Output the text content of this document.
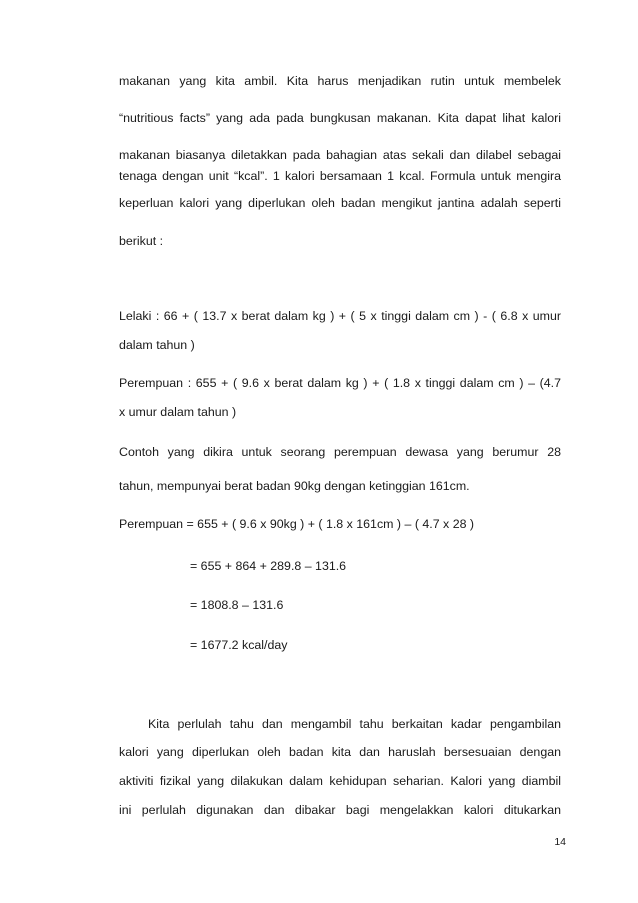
makanan yang kita ambil. Kita harus menjadikan rutin untuk membelek
“nutritious facts” yang ada pada bungkusan makanan. Kita dapat lihat kalori
makanan biasanya diletakkan pada bahagian atas sekali dan dilabel sebagai
tenaga dengan unit “kcal”. 1 kalori bersamaan 1 kcal. Formula untuk mengira
keperluan kalori yang diperlukan oleh badan mengikut jantina adalah seperti
berikut :
Lelaki : 66 + ( 13.7 x berat dalam kg ) + ( 5 x tinggi dalam cm ) - ( 6.8 x umur
dalam tahun )
Perempuan : 655 + ( 9.6 x berat dalam kg ) + ( 1.8 x tinggi dalam cm ) – (4.7
x umur dalam tahun )
Contoh yang dikira untuk seorang perempuan dewasa yang berumur 28
tahun, mempunyai berat badan 90kg dengan ketinggian 161cm.
Perempuan = 655 + ( 9.6 x 90kg ) + ( 1.8 x 161cm ) – ( 4.7 x 28 )
= 655 + 864 + 289.8 – 131.6
= 1808.8 – 131.6
= 1677.2 kcal/day
Kita perlulah tahu dan mengambil tahu berkaitan kadar pengambilan
kalori yang diperlukan oleh badan kita dan haruslah bersesuaian dengan
aktiviti fizikal yang dilakukan dalam kehidupan seharian. Kalori yang diambil
ini perlulah digunakan dan dibakar bagi mengelakkan kalori ditukarkan
14
